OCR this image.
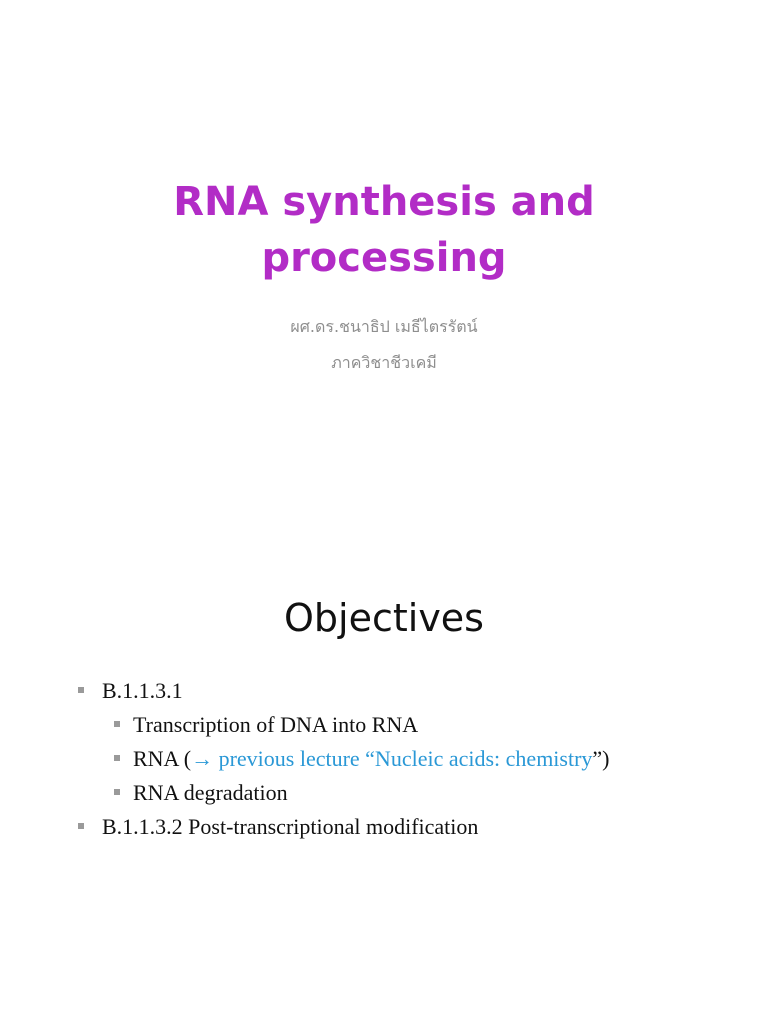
RNA synthesis and
processing

ผศ.ดร.ชนาธิป เมธีไตรรัตน์

ภาควิชาชีวเคมี

Objectives
B.1.1.3.1
Transcription of DNA into RNA
RNA (→ previous lecture “Nucleic acids: chemistry”)
RNA degradation
B.1.1.3.2 Post-transcriptional modification
